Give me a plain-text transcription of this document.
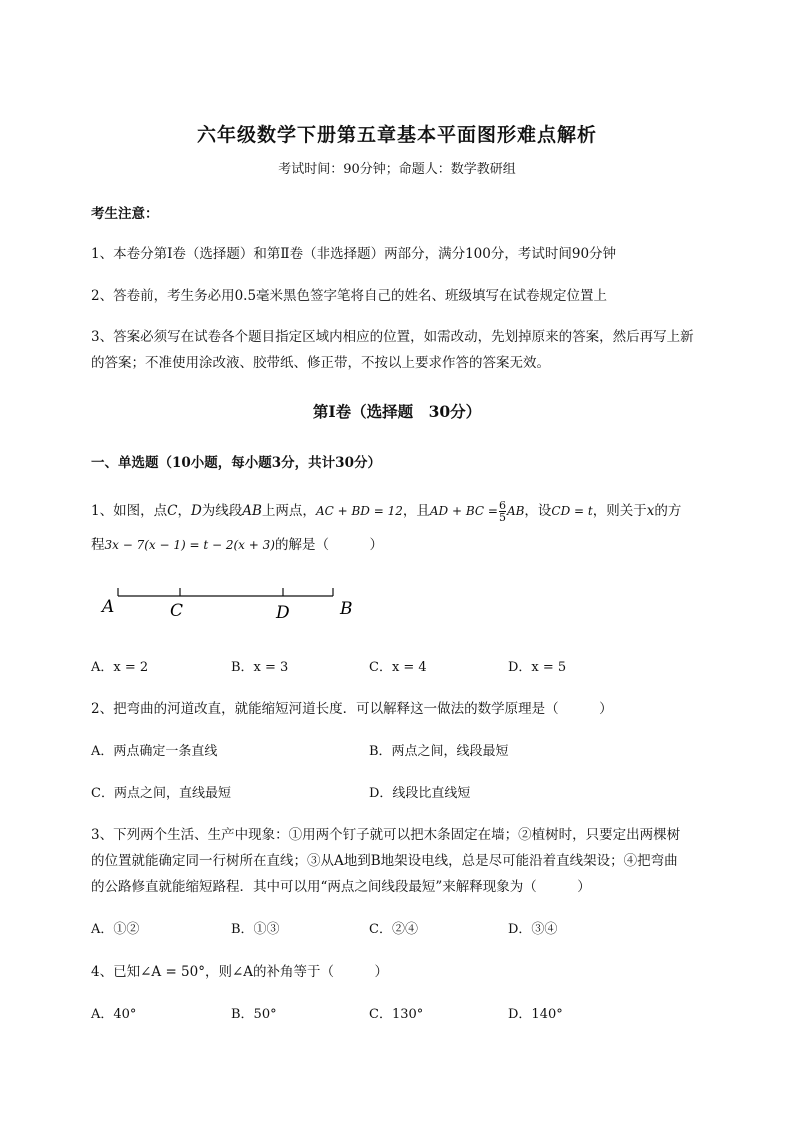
六年级数学下册第五章基本平面图形难点解析
考试时间：90分钟；命题人：数学教研组
考生注意：
1、本卷分第Ⅰ卷（选择题）和第Ⅱ卷（非选择题）两部分，满分100分，考试时间90分钟
2、答卷前，考生务必用0.5毫米黑色签字笔将自己的姓名、班级填写在试卷规定位置上
3、答案必须写在试卷各个题目指定区域内相应的位置，如需改动，先划掉原来的答案，然后再写上新
的答案；不准使用涂改液、胶带纸、修正带，不按以上要求作答的答案无效。
第Ⅰ卷（选择题　30分）
一、单选题（10小题，每小题3分，共计30分）
1、如图，点C，D为线段AB上两点，AC + BD = 12，且AD + BC = $\frac{6}{5}$ AB，设CD = t，则关于x的方
程3x − 7(x − 1) = t − 2(x + 3)的解是（　　　）
A	C	D	B
A．x = 2	B．x = 3	C．x = 4	D．x = 5
2、把弯曲的河道改直，就能缩短河道长度．可以解释这一做法的数学原理是（　　　）
A．两点确定一条直线	B．两点之间，线段最短
C．两点之间，直线最短	D．线段比直线短
3、下列两个生活、生产中现象：①用两个钉子就可以把木条固定在墙；②植树时，只要定出两棵树
的位置就能确定同一行树所在直线；③从A地到B地架设电线，总是尽可能沿着直线架设；④把弯曲
的公路修直就能缩短路程．其中可以用“两点之间线段最短”来解释现象为（　　　）
A．①②	B．①③	C．②④	D．③④
4、已知∠A = 50°，则∠A的补角等于（　　　）
A．40°	B．50°	C．130°	D．140°
